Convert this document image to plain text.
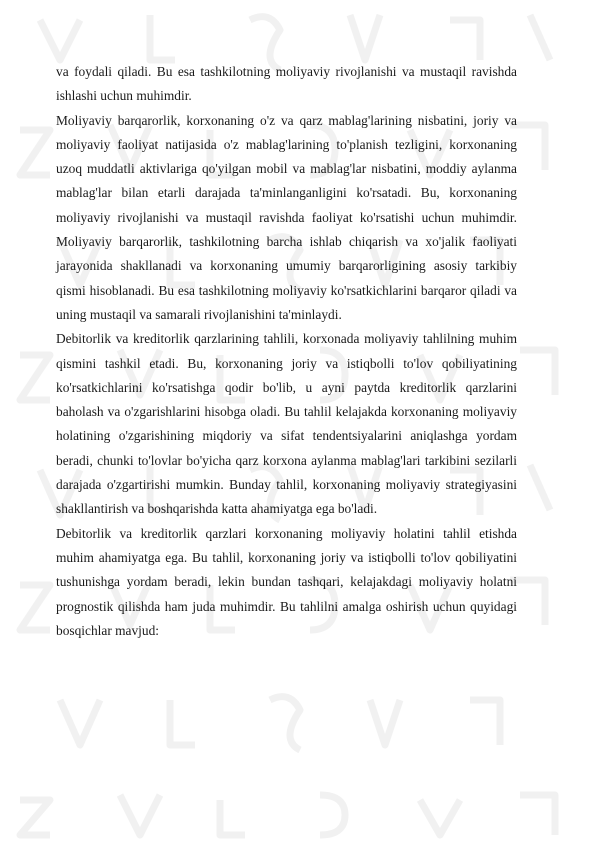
va foydali qiladi. Bu esa tashkilotning moliyaviy rivojlanishi va mustaqil ravishda ishlashi uchun muhimdir.

Moliyaviy barqarorlik, korxonaning o'z va qarz mablag'larining nisbatini, joriy va moliyaviy faoliyat natijasida o'z mablag'larining to'planish tezligini, korxonaning uzoq muddatli aktivlariga qo'yilgan mobil va mablag'lar nisbatini, moddiy aylanma mablag'lar bilan etarli darajada ta'minlanganligini ko'rsatadi. Bu, korxonaning moliyaviy rivojlanishi va mustaqil ravishda faoliyat ko'rsatishi uchun muhimdir. Moliyaviy barqarorlik, tashkilotning barcha ishlab chiqarish va xo'jalik faoliyati jarayonida shakllanadi va korxonaning umumiy barqarorligining asosiy tarkibiy qismi hisoblanadi. Bu esa tashkilotning moliyaviy ko'rsatkichlarini barqaror qiladi va uning mustaqil va samarali rivojlanishini ta'minlaydi.

Debitorlik va kreditorlik qarzlarining tahlili, korxonada moliyaviy tahlilning muhim qismini tashkil etadi. Bu, korxonaning joriy va istiqbolli to'lov qobiliyatining ko'rsatkichlarini ko'rsatishga qodir bo'lib, u ayni paytda kreditorlik qarzlarini baholash va o'zgarishlarini hisobga oladi. Bu tahlil kelajakda korxonaning moliyaviy holatining o'zgarishining miqdoriy va sifat tendentsiyalarini aniqlashga yordam beradi, chunki to'lovlar bo'yicha qarz korxona aylanma mablag'lari tarkibini sezilarli darajada o'zgartirishi mumkin. Bunday tahlil, korxonaning moliyaviy strategiyasini shakllantirish va boshqarishda katta ahamiyatga ega bo'ladi.

Debitorlik va kreditorlik qarzlari korxonaning moliyaviy holatini tahlil etishda muhim ahamiyatga ega. Bu tahlil, korxonaning joriy va istiqbolli to'lov qobiliyatini tushunishga yordam beradi, lekin bundan tashqari, kelajakdagi moliyaviy holatni prognostik qilishda ham juda muhimdir. Bu tahlilni amalga oshirish uchun quyidagi bosqichlar mavjud:
